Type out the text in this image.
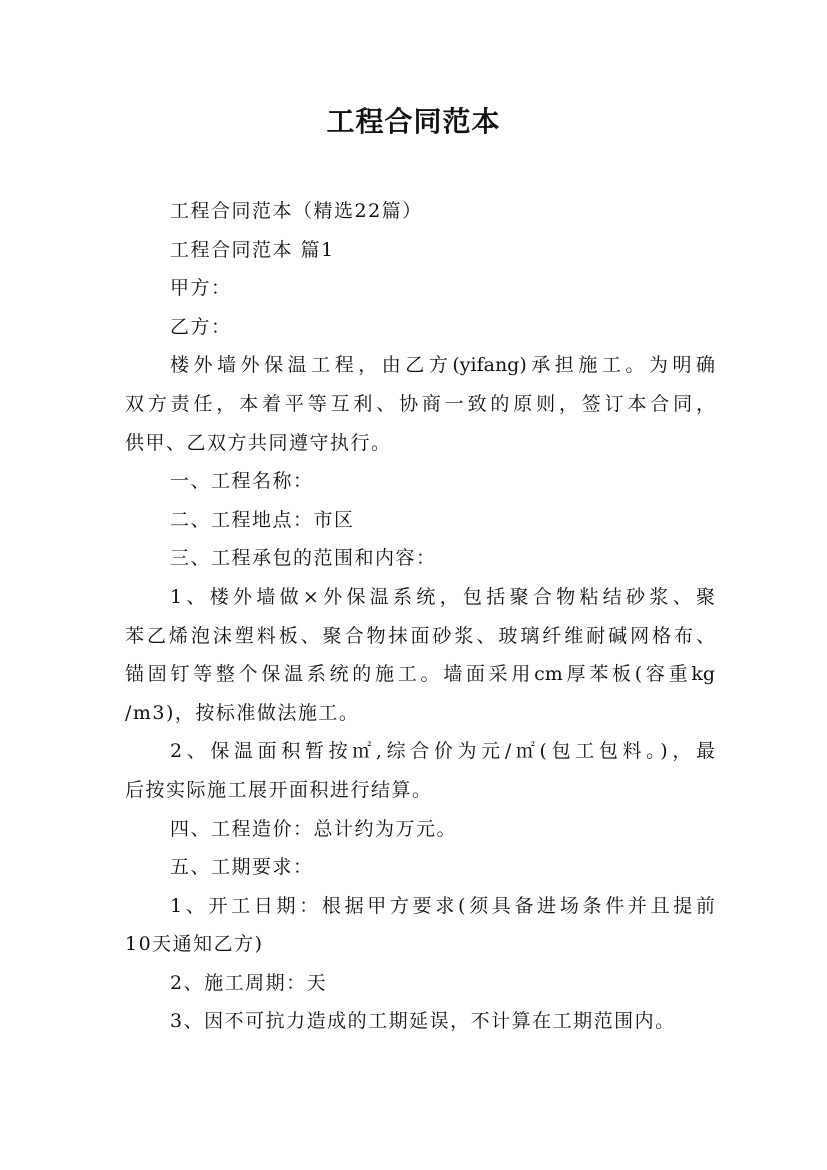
工程合同范本
工程合同范本（精选22篇）
工程合同范本 篇1
甲方：
乙方：
楼外墙外保温工程，由乙方(yifang)承担施工。为明确
双方责任，本着平等互利、协商一致的原则，签订本合同，
供甲、乙双方共同遵守执行。
一、工程名称：
二、工程地点：市区
三、工程承包的范围和内容：
1、楼外墙做×外保温系统，包括聚合物粘结砂浆、聚
苯乙烯泡沫塑料板、聚合物抹面砂浆、玻璃纤维耐碱网格布、
锚固钉等整个保温系统的施工。墙面采用cm厚苯板(容重kg
/m3)，按标准做法施工。
2、保温面积暂按㎡,综合价为元/㎡(包工包料。)，最
后按实际施工展开面积进行结算。
四、工程造价：总计约为万元。
五、工期要求：
1、开工日期：根据甲方要求(须具备进场条件并且提前
10天通知乙方)
2、施工周期：天
3、因不可抗力造成的工期延误，不计算在工期范围内。
